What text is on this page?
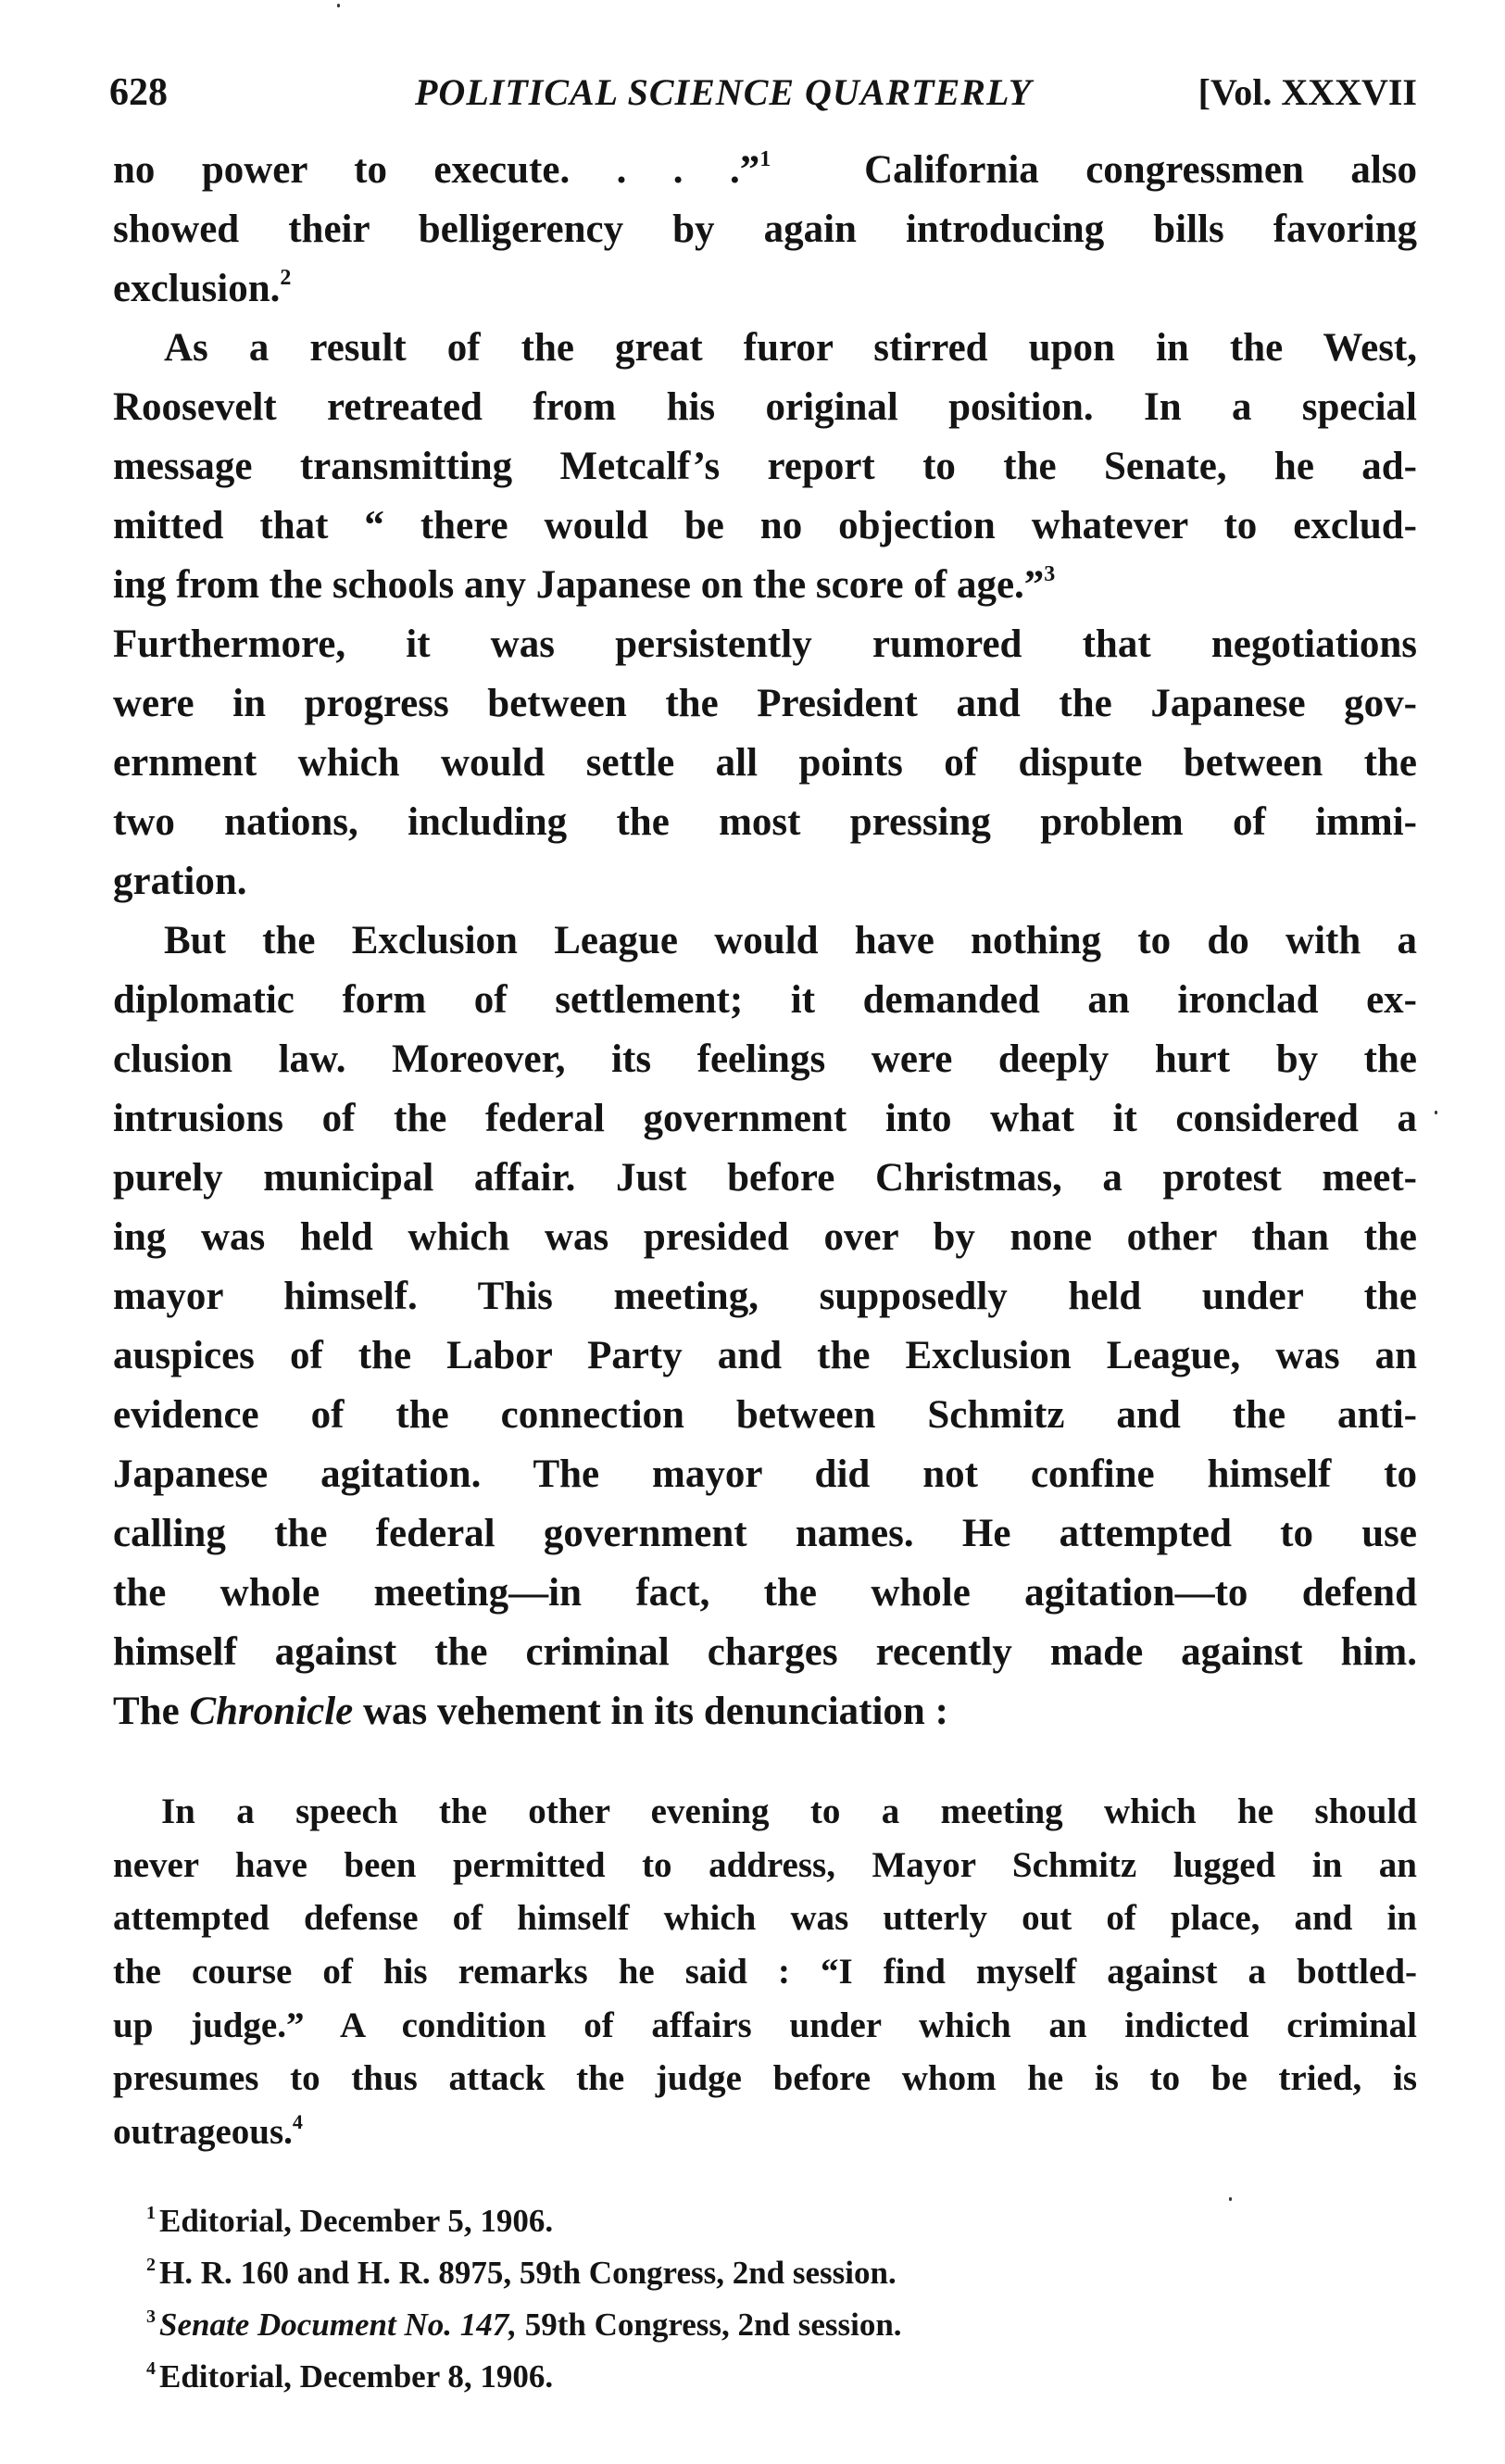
628	POLITICAL SCIENCE QUARTERLY	[Vol. XXXVII
no power to execute. . . .”$^1$  California congressmen also
showed their belligerency by again introducing bills favoring
exclusion.$^2$
As a result of the great furor stirred upon in the West,
Roosevelt retreated from his original position. In a special
message transmitting Metcalf’s report to the Senate, he ad-
mitted that “ there would be no objection whatever to exclud-
ing from the schools any Japanese on the score of age.”$^3$
Furthermore, it was persistently rumored that negotiations
were in progress between the President and the Japanese gov-
ernment which would settle all points of dispute between the
two nations, including the most pressing problem of immi-
gration.
But the Exclusion League would have nothing to do with a
diplomatic form of settlement; it demanded an ironclad ex-
clusion law. Moreover, its feelings were deeply hurt by the
intrusions of the federal government into what it considered a
purely municipal affair. Just before Christmas, a protest meet-
ing was held which was presided over by none other than the
mayor himself. This meeting, supposedly held under the
auspices of the Labor Party and the Exclusion League, was an
evidence of the connection between Schmitz and the anti-
Japanese agitation. The mayor did not confine himself to
calling the federal government names. He attempted to use
the whole meeting—in fact, the whole agitation—to defend
himself against the criminal charges recently made against him.
The Chronicle was vehement in its denunciation :
In a speech the other evening to a meeting which he should
never have been permitted to address, Mayor Schmitz lugged in an
attempted defense of himself which was utterly out of place, and in
the course of his remarks he said : “I find myself against a bottled-
up judge.” A condition of affairs under which an indicted criminal
presumes to thus attack the judge before whom he is to be tried, is
outrageous.$^4$
$^1$ Editorial, December 5, 1906.
$^2$ H. R. 160 and H. R. 8975, 59th Congress, 2nd session.
$^3$ Senate Document No. 147, 59th Congress, 2nd session.
$^4$ Editorial, December 8, 1906.
